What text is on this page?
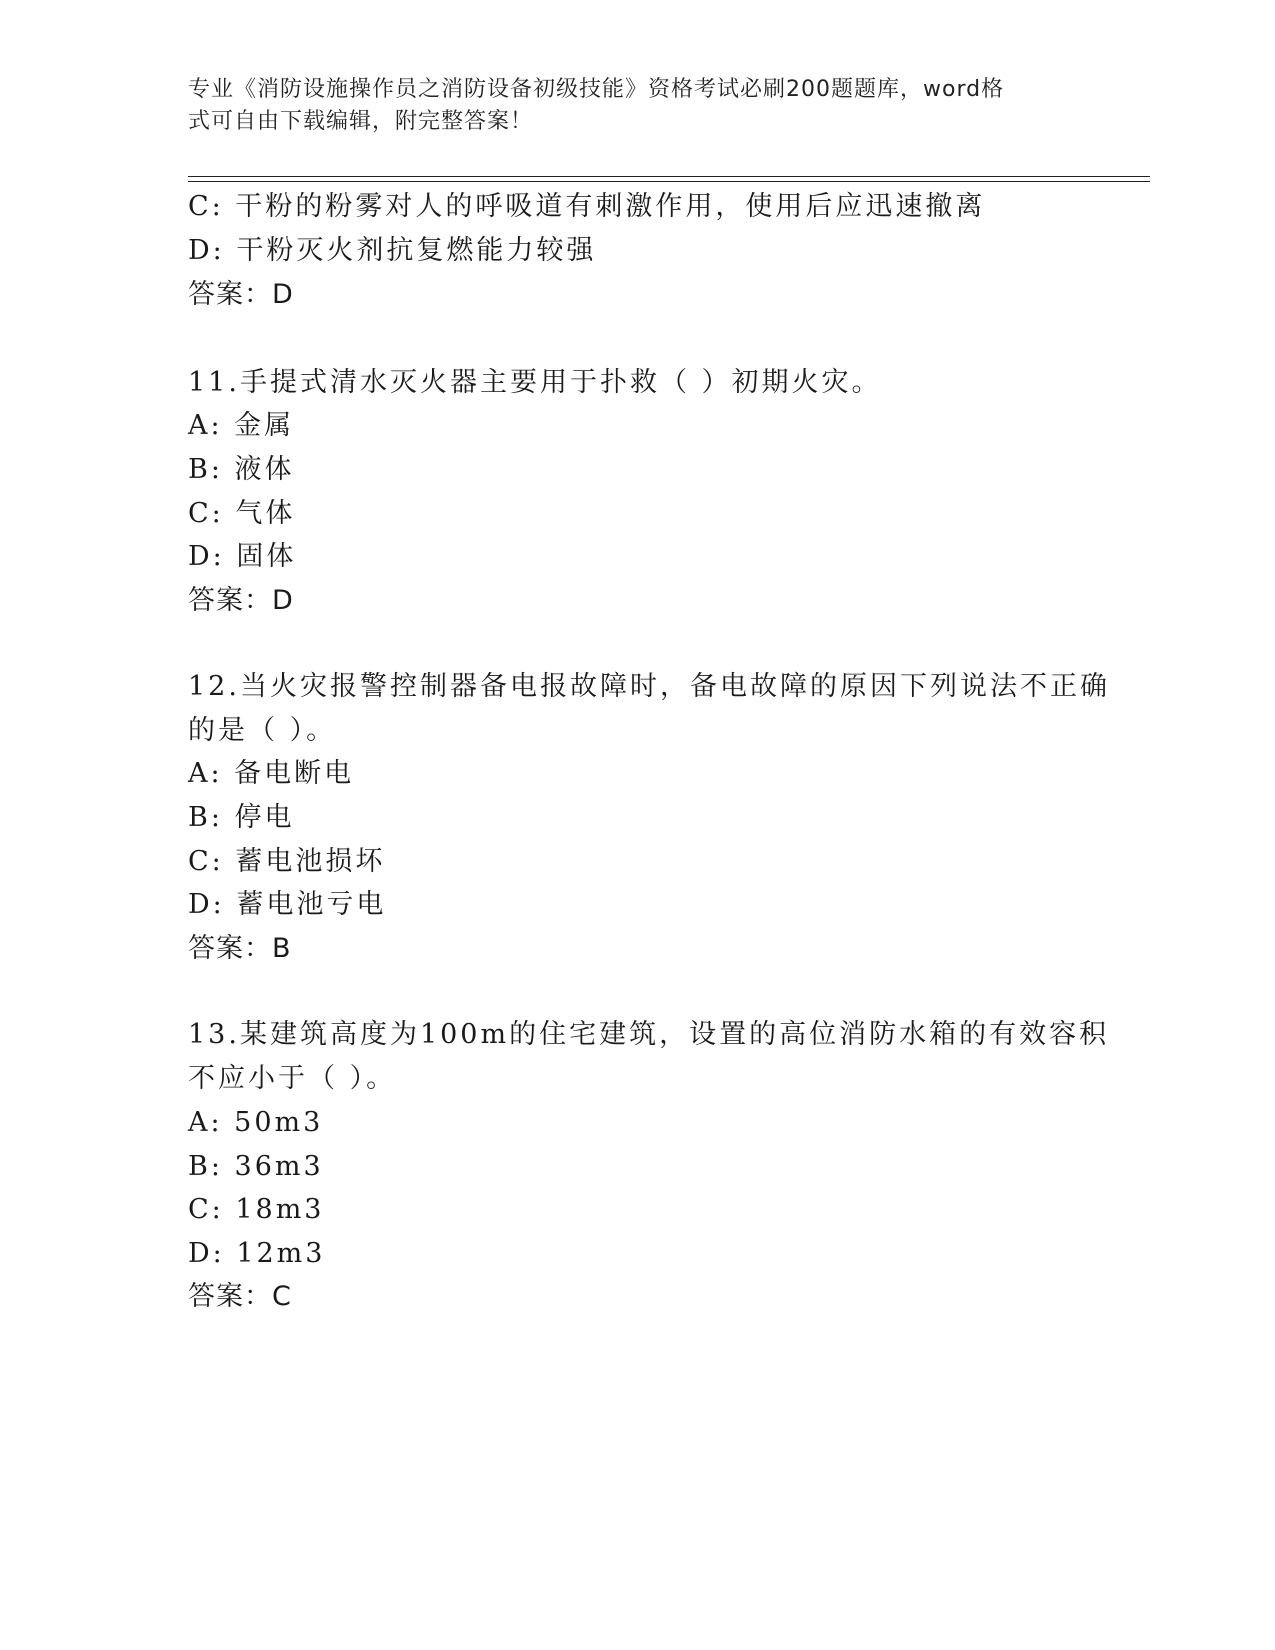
专业《消防设施操作员之消防设备初级技能》资格考试必刷200题题库，word格
式可自由下载编辑，附完整答案！
C: 干粉的粉雾对人的呼吸道有刺激作用，使用后应迅速撤离
D: 干粉灭火剂抗复燃能力较强
答案：D
11.手提式清水灭火器主要用于扑救（ ）初期火灾。
A: 金属
B: 液体
C: 气体
D: 固体
答案：D
12.当火灾报警控制器备电报故障时，备电故障的原因下列说法不正确
的是（ ）。
A: 备电断电
B: 停电
C: 蓄电池损坏
D: 蓄电池亏电
答案：B
13.某建筑高度为100m的住宅建筑，设置的高位消防水箱的有效容积
不应小于（ ）。
A: 50m3
B: 36m3
C: 18m3
D: 12m3
答案：C
